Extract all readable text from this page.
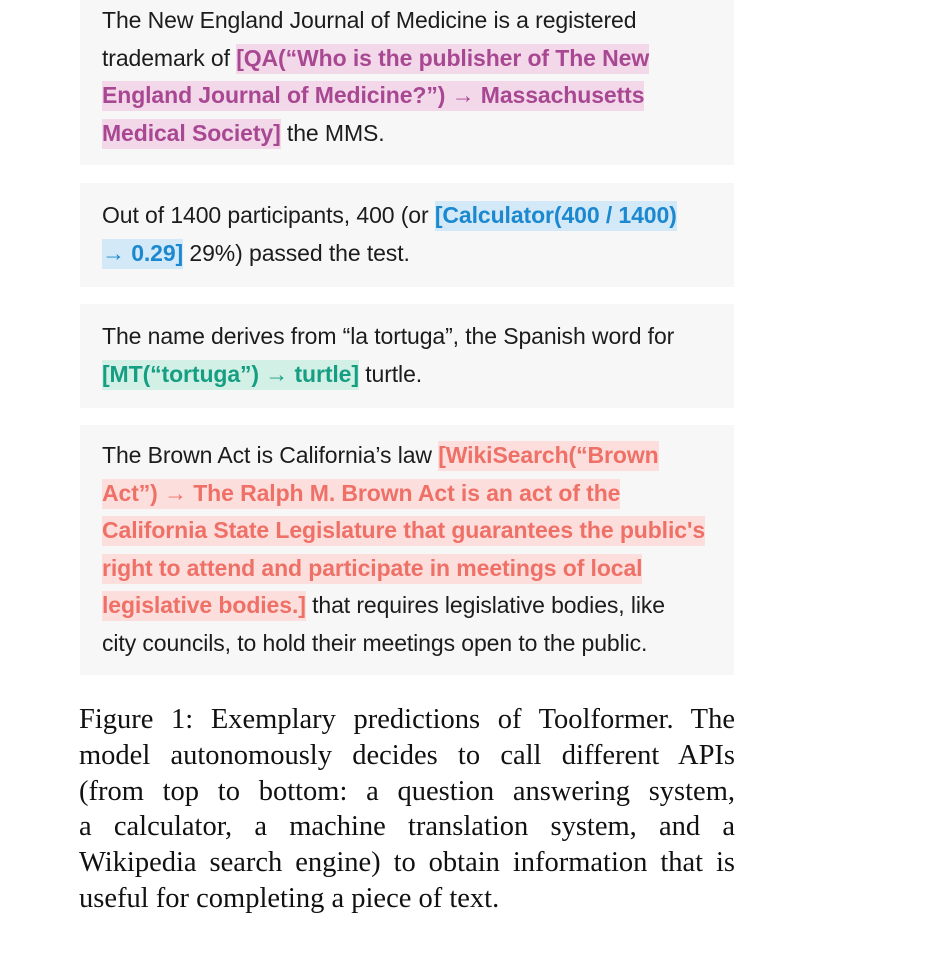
The New England Journal of Medicine is a registered
trademark of [QA(“Who is the publisher of The New
England Journal of Medicine?”) → Massachusetts
Medical Society] the MMS.
Out of 1400 participants, 400 (or [Calculator(400 / 1400)
→ 0.29] 29%) passed the test.
The name derives from “la tortuga”, the Spanish word for
[MT(“tortuga”) → turtle] turtle.
The Brown Act is California’s law [WikiSearch(“Brown
Act”) → The Ralph M. Brown Act is an act of the
California State Legislature that guarantees the public's
right to attend and participate in meetings of local
legislative bodies.] that requires legislative bodies, like
city councils, to hold their meetings open to the public.
Figure 1: Exemplary predictions of Toolformer. The
model autonomously decides to call different APIs
(from top to bottom: a question answering system,
a calculator, a machine translation system, and a
Wikipedia search engine) to obtain information that is
useful for completing a piece of text.
